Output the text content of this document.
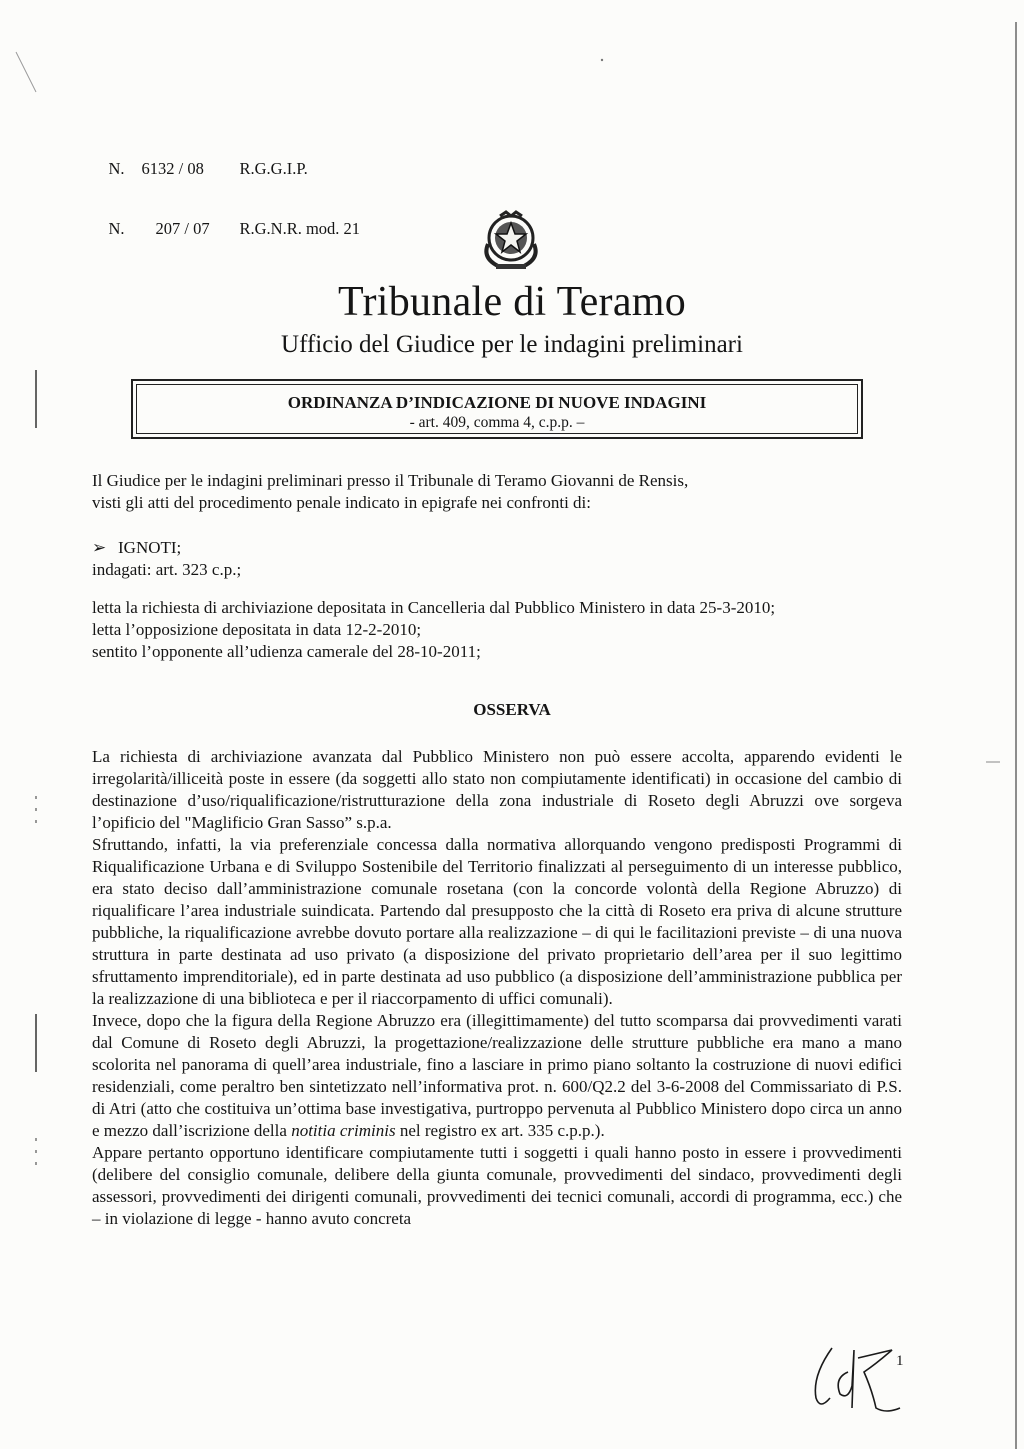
N. 6132 / 08 R.G.G.I.P.

N. 207 / 07 R.G.N.R. mod. 21

Tribunale di Teramo
Ufficio del Giudice per le indagini preliminari
ORDINANZA D’INDICAZIONE DI NUOVE INDAGINI
- art. 409, comma 4, c.p.p. –
Il Giudice per le indagini preliminari presso il Tribunale di Teramo Giovanni de Rensis,
visti gli atti del procedimento penale indicato in epigrafe nei confronti di:
➢ IGNOTI;
indagati: art. 323 c.p.;
letta la richiesta di archiviazione depositata in Cancelleria dal Pubblico Ministero in data 25-3-2010;
letta l’opposizione depositata in data 12-2-2010;
sentito l’opponente all’udienza camerale del 28-10-2011;
OSSERVA
La richiesta di archiviazione avanzata dal Pubblico Ministero non può essere accolta, apparendo evidenti le irregolarità/illiceità poste in essere (da soggetti allo stato non compiutamente identificati) in occasione del cambio di destinazione d’uso/riqualificazione/ristrutturazione della zona industriale di Roseto degli Abruzzi ove sorgeva l’opificio del "Maglificio Gran Sasso” s.p.a.
Sfruttando, infatti, la via preferenziale concessa dalla normativa allorquando vengono predisposti Programmi di Riqualificazione Urbana e di Sviluppo Sostenibile del Territorio finalizzati al perseguimento di un interesse pubblico, era stato deciso dall’amministrazione comunale rosetana (con la concorde volontà della Regione Abruzzo) di riqualificare l’area industriale suindicata. Partendo dal presupposto che la città di Roseto era priva di alcune strutture pubbliche, la riqualificazione avrebbe dovuto portare alla realizzazione – di qui le facilitazioni previste – di una nuova struttura in parte destinata ad uso privato (a disposizione del privato proprietario dell’area per il suo legittimo sfruttamento imprenditoriale), ed in parte destinata ad uso pubblico (a disposizione dell’amministrazione pubblica per la realizzazione di una biblioteca e per il riaccorpamento di uffici comunali).
Invece, dopo che la figura della Regione Abruzzo era (illegittimamente) del tutto scomparsa dai provvedimenti varati dal Comune di Roseto degli Abruzzi, la progettazione/realizzazione delle strutture pubbliche era mano a mano scolorita nel panorama di quell’area industriale, fino a lasciare in primo piano soltanto la costruzione di nuovi edifici residenziali, come peraltro ben sintetizzato nell’informativa prot. n. 600/Q2.2 del 3-6-2008 del Commissariato di P.S. di Atri (atto che costituiva un’ottima base investigativa, purtroppo pervenuta al Pubblico Ministero dopo circa un anno e mezzo dall’iscrizione della notitia criminis nel registro ex art. 335 c.p.p.).
Appare pertanto opportuno identificare compiutamente tutti i soggetti i quali hanno posto in essere i provvedimenti (delibere del consiglio comunale, delibere della giunta comunale, provvedimenti del sindaco, provvedimenti degli assessori, provvedimenti dei dirigenti comunali, provvedimenti dei tecnici comunali, accordi di programma, ecc.) che – in violazione di legge - hanno avuto concreta
1
